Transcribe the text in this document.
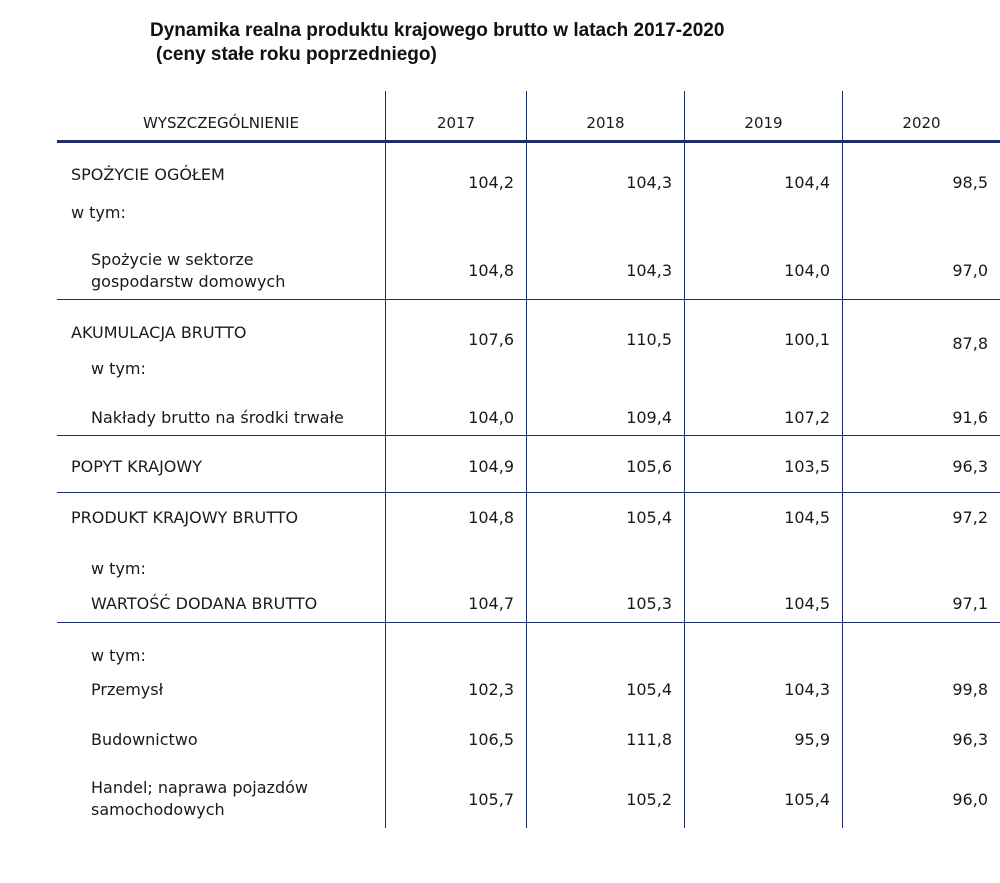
Dynamika realna produktu krajowego brutto w latach 2017-2020
(ceny stałe roku poprzedniego)
WYSZCZEGÓLNIENIE	2017	2018	2019	2020
SPOŻYCIE OGÓŁEM	104,2	104,3	104,4	98,5
w tym:
Spożycie w sektorze
gospodarstw domowych
104,8	104,3	104,0	97,0
AKUMULACJA BRUTTO	107,6	110,5	100,1	87,8
w tym:
Nakłady brutto na środki trwałe	104,0	109,4	107,2	91,6
POPYT KRAJOWY	104,9	105,6	103,5	96,3
PRODUKT KRAJOWY BRUTTO	104,8	105,4	104,5	97,2
w tym:
WARTOŚĆ DODANA BRUTTO	104,7	105,3	104,5	97,1
w tym:
Przemysł	102,3	105,4	104,3	99,8
Budownictwo	106,5	111,8	95,9	96,3
Handel; naprawa pojazdów
samochodowych
105,7	105,2	105,4	96,0
